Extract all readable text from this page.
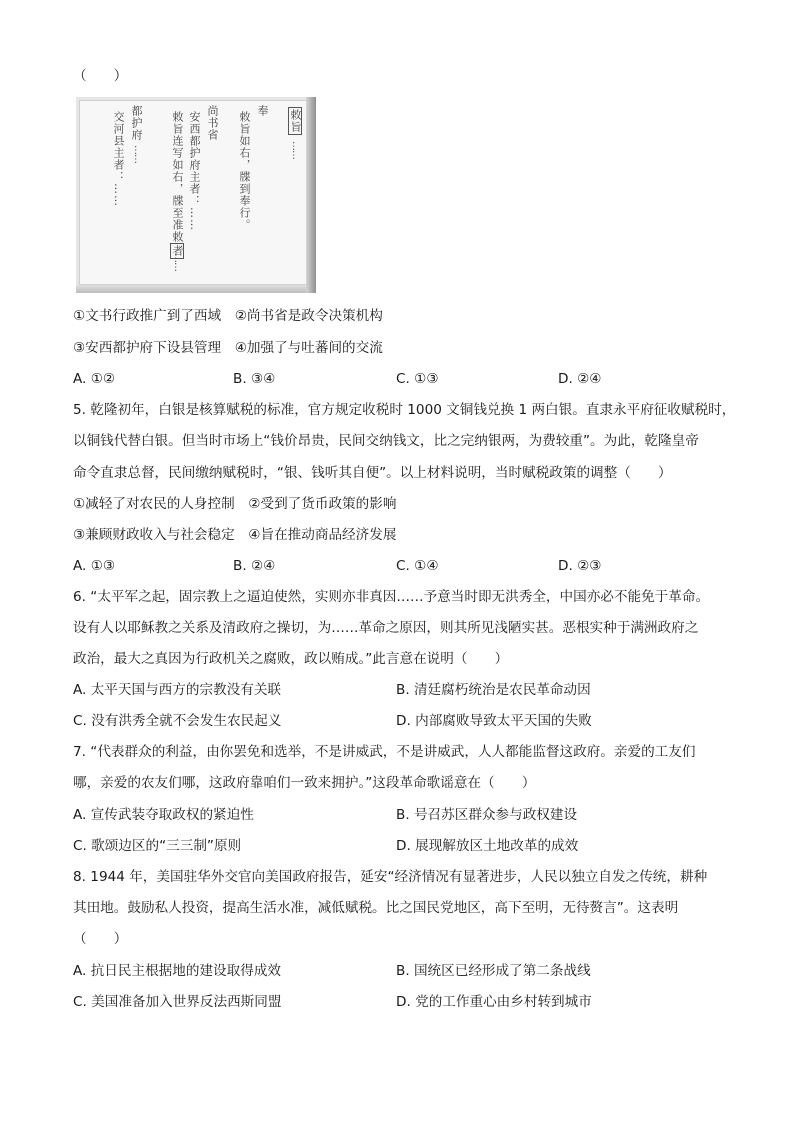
（　　）
敕旨
……
奉
敕旨如右，牒到奉行。
尚书省
安西都护府主者：……
敕旨连写如右，牒至准敕者
……
都护府
……
交河县主者：……
①文书行政推广到了西域　②尚书省是政令决策机构
③安西都护府下设县管理　④加强了与吐蕃间的交流
A. ①②	B. ③④	C. ①③	D. ②④
5. 乾隆初年，白银是核算赋税的标准，官方规定收税时 1000 文铜钱兑换 1 两白银。直隶永平府征收赋税时，
以铜钱代替白银。但当时市场上“钱价昂贵，民间交纳钱文，比之完纳银两，为费较重”。为此，乾隆皇帝
命令直隶总督，民间缴纳赋税时，“银、钱听其自便”。以上材料说明，当时赋税政策的调整（　　）
①减轻了对农民的人身控制　②受到了货币政策的影响
③兼顾财政收入与社会稳定　④旨在推动商品经济发展
A. ①③	B. ②④	C. ①④	D. ②③
6. “太平军之起，固宗教上之逼迫使然，实则亦非真因……予意当时即无洪秀全，中国亦必不能免于革命。
设有人以耶稣教之关系及清政府之操切，为……革命之原因，则其所见浅陋实甚。恶根实种于满洲政府之
政治，最大之真因为行政机关之腐败，政以贿成。”此言意在说明（　　）
A. 太平天国与西方的宗教没有关联	B. 清廷腐朽统治是农民革命动因
C. 没有洪秀全就不会发生农民起义	D. 内部腐败导致太平天国的失败
7. “代表群众的利益，由你罢免和选举，不是讲威武，不是讲威武，人人都能监督这政府。亲爱的工友们
哪，亲爱的农友们哪，这政府靠咱们一致来拥护。”这段革命歌谣意在（　　）
A. 宣传武装夺取政权的紧迫性	B. 号召苏区群众参与政权建设
C. 歌颂边区的“三三制”原则	D. 展现解放区土地改革的成效
8. 1944 年，美国驻华外交官向美国政府报告，延安“经济情况有显著进步，人民以独立自发之传统，耕种
其田地。鼓励私人投资，提高生活水准，减低赋税。比之国民党地区，高下至明，无待赘言”。这表明
（　　）
A. 抗日民主根据地的建设取得成效	B. 国统区已经形成了第二条战线
C. 美国准备加入世界反法西斯同盟	D. 党的工作重心由乡村转到城市
